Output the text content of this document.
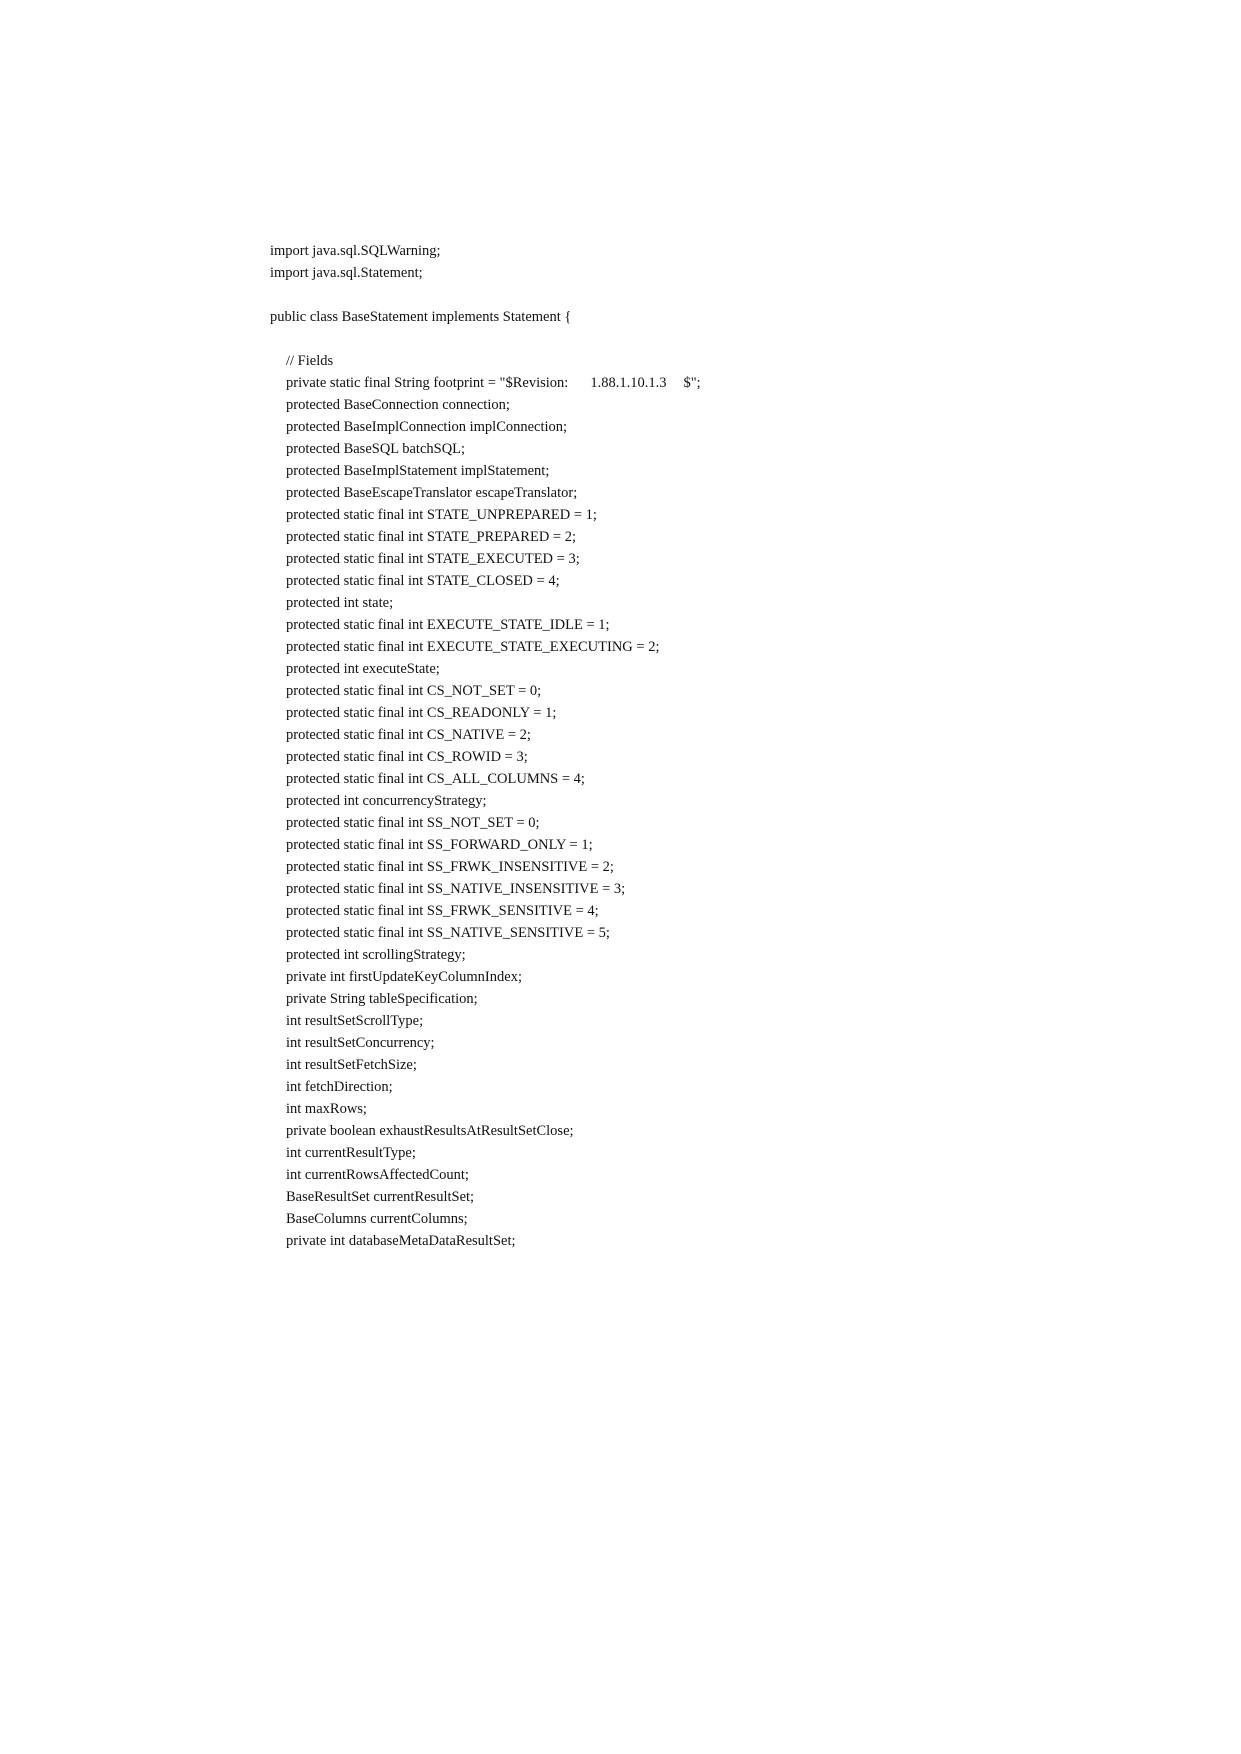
import java.sql.SQLWarning;
import java.sql.Statement;
public class BaseStatement implements Statement {
// Fields
private static final String footprint = "$Revision: 1.88.1.10.1.3 $";
protected BaseConnection connection;
protected BaseImplConnection implConnection;
protected BaseSQL batchSQL;
protected BaseImplStatement implStatement;
protected BaseEscapeTranslator escapeTranslator;
protected static final int STATE_UNPREPARED = 1;
protected static final int STATE_PREPARED = 2;
protected static final int STATE_EXECUTED = 3;
protected static final int STATE_CLOSED = 4;
protected int state;
protected static final int EXECUTE_STATE_IDLE = 1;
protected static final int EXECUTE_STATE_EXECUTING = 2;
protected int executeState;
protected static final int CS_NOT_SET = 0;
protected static final int CS_READONLY = 1;
protected static final int CS_NATIVE = 2;
protected static final int CS_ROWID = 3;
protected static final int CS_ALL_COLUMNS = 4;
protected int concurrencyStrategy;
protected static final int SS_NOT_SET = 0;
protected static final int SS_FORWARD_ONLY = 1;
protected static final int SS_FRWK_INSENSITIVE = 2;
protected static final int SS_NATIVE_INSENSITIVE = 3;
protected static final int SS_FRWK_SENSITIVE = 4;
protected static final int SS_NATIVE_SENSITIVE = 5;
protected int scrollingStrategy;
private int firstUpdateKeyColumnIndex;
private String tableSpecification;
int resultSetScrollType;
int resultSetConcurrency;
int resultSetFetchSize;
int fetchDirection;
int maxRows;
private boolean exhaustResultsAtResultSetClose;
int currentResultType;
int currentRowsAffectedCount;
BaseResultSet currentResultSet;
BaseColumns currentColumns;
private int databaseMetaDataResultSet;
